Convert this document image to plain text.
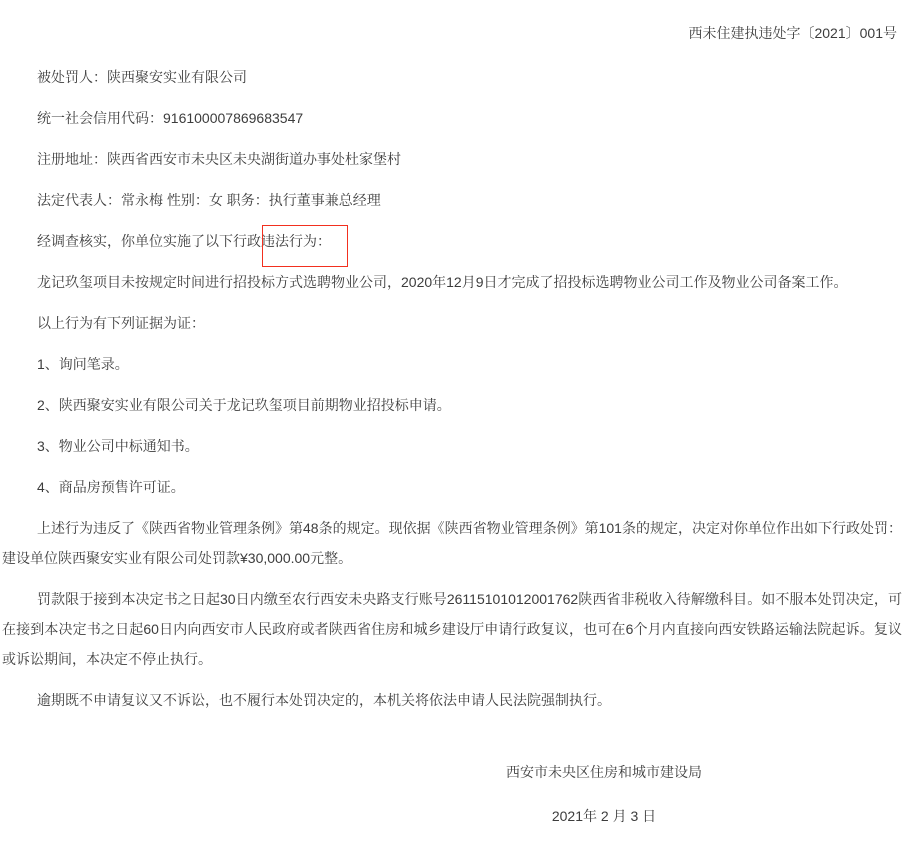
西未住建执违处字〔2021〕001号

被处罚人：陕西聚安实业有限公司

统一社会信用代码：916100007869683547

注册地址：陕西省西安市未央区未央湖街道办事处杜家堡村

法定代表人：常永梅 性别：女 职务：执行董事兼总经理

经调查核实，你单位实施了以下行政违法行为：

龙记玖玺项目未按规定时间进行招投标方式选聘物业公司，2020年12月9日才完成了招投标选聘物业公司工作及物业公司备案工作。

以上行为有下列证据为证：

1、询问笔录。

2、陕西聚安实业有限公司关于龙记玖玺项目前期物业招投标申请。

3、物业公司中标通知书。

4、商品房预售许可证。

上述行为违反了《陕西省物业管理条例》第48条的规定。现依据《陕西省物业管理条例》第101条的规定，决定对你单位作出如下行政处罚：建设单位陕西聚安实业有限公司处罚款¥30,000.00元整。

罚款限于接到本决定书之日起30日内缴至农行西安未央路支行账号26115101012001762陕西省非税收入待解缴科目。如不服本处罚决定，可在接到本决定书之日起60日内向西安市人民政府或者陕西省住房和城乡建设厅申请行政复议，也可在6个月内直接向西安铁路运输法院起诉。复议或诉讼期间，本决定不停止执行。

逾期既不申请复议又不诉讼，也不履行本处罚决定的，本机关将依法申请人民法院强制执行。

西安市未央区住房和城市建设局

2021年 2 月 3 日
